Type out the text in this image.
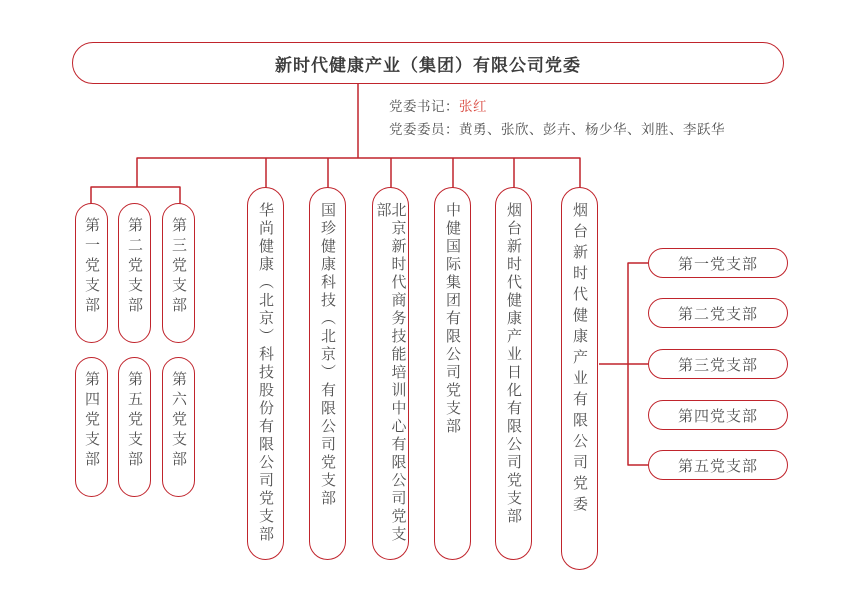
新时代健康产业（集团）有限公司党委
党委书记：张红
党委委员：黄勇、张欣、彭卉、杨少华、刘胜、李跃华
第一党支部 第二党支部 第三党支部
第四党支部 第五党支部 第六党支部	华尚健康（北京）科技股份有限公司党支部	国珍健康科技（北京）有限公司党支部	北京新时代商务技能培训中心有限公司党支部	中健国际集团有限公司党支部	烟台新时代健康产业日化有限公司党支部	烟台新时代健康产业有限公司党委	第一党支部
第二党支部
第三党支部
第四党支部
第五党支部
